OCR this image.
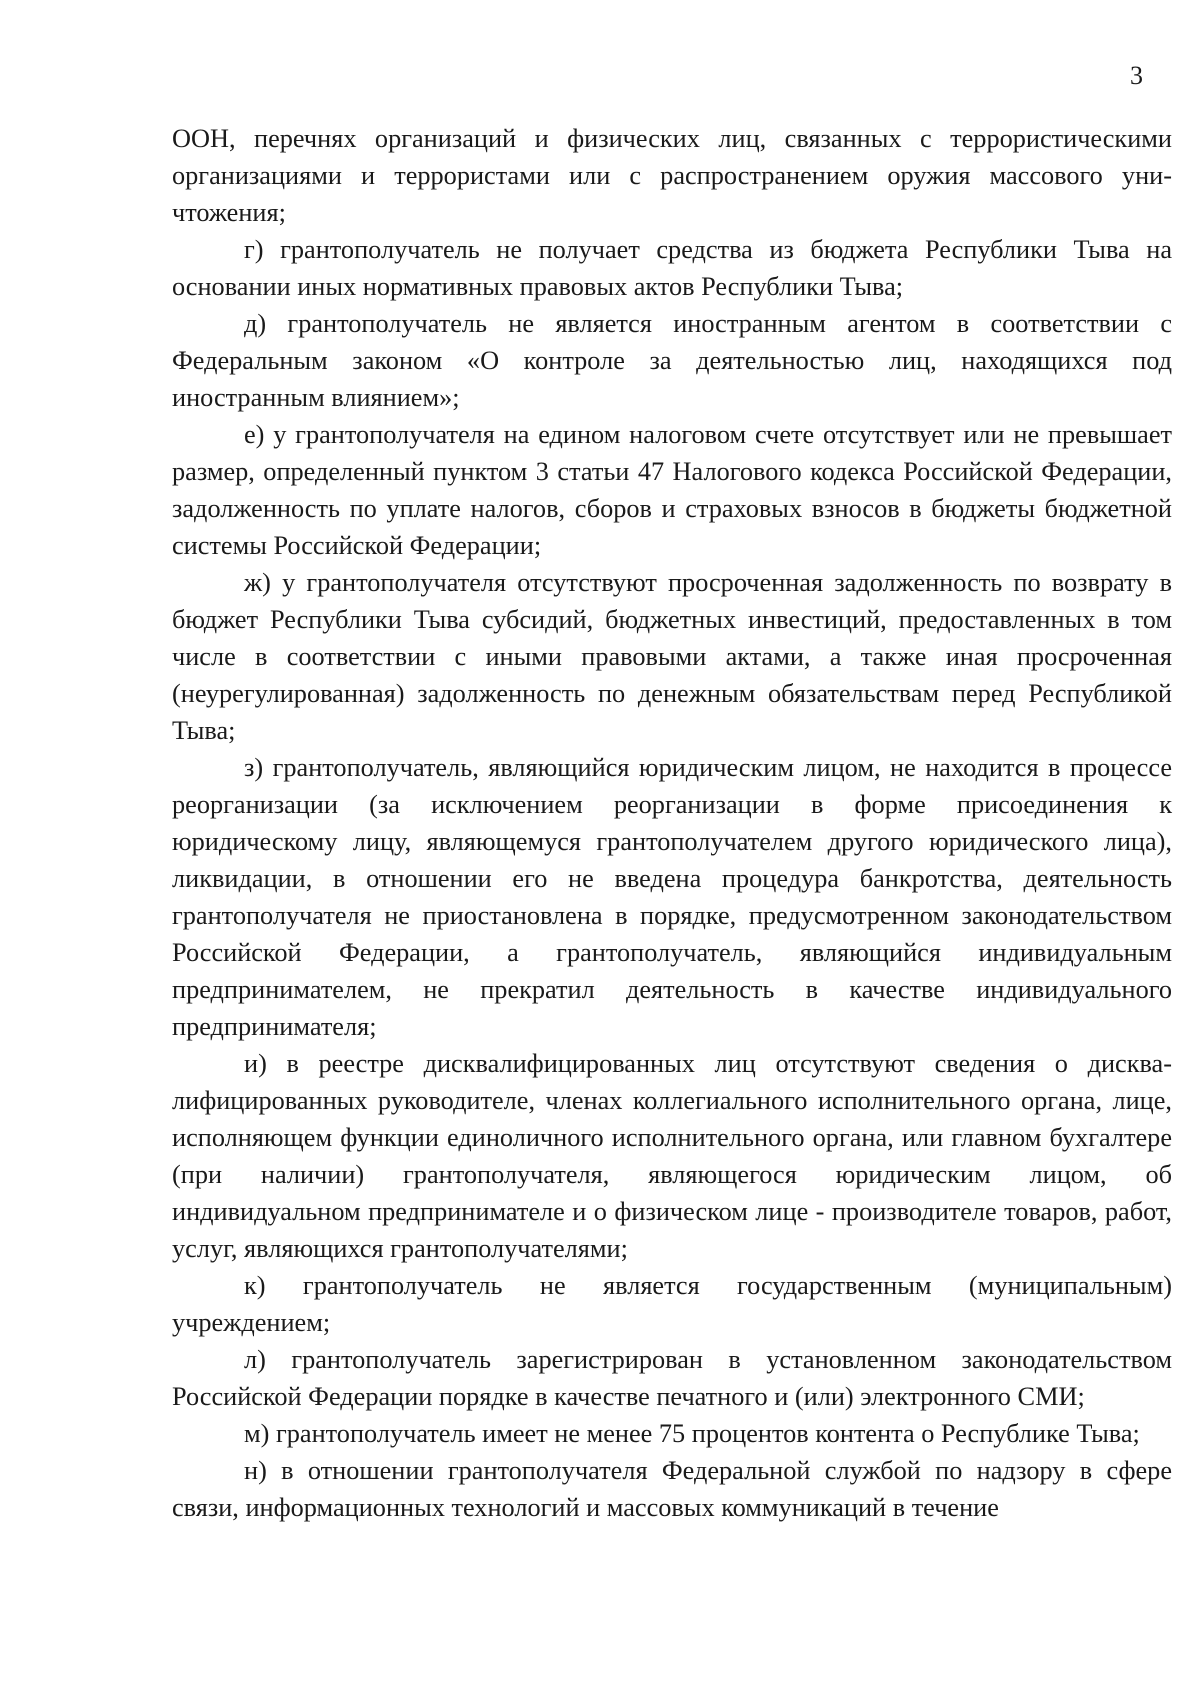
3

ООН, перечнях организаций и физических лиц, связанных с террористическими организациями и террористами или с распространением оружия массового уничтожения;

г) грантополучатель не получает средства из бюджета Республики Тыва на основании иных нормативных правовых актов Республики Тыва;

д) грантополучатель не является иностранным агентом в соответствии с Федеральным законом «О контроле за деятельностью лиц, находящихся под иностранным влиянием»;

е) у грантополучателя на едином налоговом счете отсутствует или не превышает размер, определенный пунктом 3 статьи 47 Налогового кодекса Российской Федерации, задолженность по уплате налогов, сборов и страховых взносов в бюджеты бюджетной системы Российской Федерации;

ж) у грантополучателя отсутствуют просроченная задолженность по возврату в бюджет Республики Тыва субсидий, бюджетных инвестиций, предоставленных в том числе в соответствии с иными правовыми актами, а также иная просроченная (неурегулированная) задолженность по денежным обязательствам перед Республикой Тыва;

з) грантополучатель, являющийся юридическим лицом, не находится в процессе реорганизации (за исключением реорганизации в форме присоединения к юридическому лицу, являющемуся грантополучателем другого юридического лица), ликвидации, в отношении его не введена процедура банкротства, деятельность грантополучателя не приостановлена в порядке, предусмотренном законодательством Российской Федерации, а грантополучатель, являющийся индивидуальным предпринимателем, не прекратил деятельность в качестве индивидуального предпринимателя;

и) в реестре дисквалифицированных лиц отсутствуют сведения о дисквалифицированных руководителе, членах коллегиального исполнительного органа, лице, исполняющем функции единоличного исполнительного органа, или главном бухгалтере (при наличии) грантополучателя, являющегося юридическим лицом, об индивидуальном предпринимателе и о физическом лице - производителе товаров, работ, услуг, являющихся грантополучателями;

к) грантополучатель не является государственным (муниципальным) учреждением;

л) грантополучатель зарегистрирован в установленном законодательством Российской Федерации порядке в качестве печатного и (или) электронного СМИ;

м) грантополучатель имеет не менее 75 процентов контента о Республике Тыва;

н) в отношении грантополучателя Федеральной службой по надзору в сфере связи, информационных технологий и массовых коммуникаций в течение
